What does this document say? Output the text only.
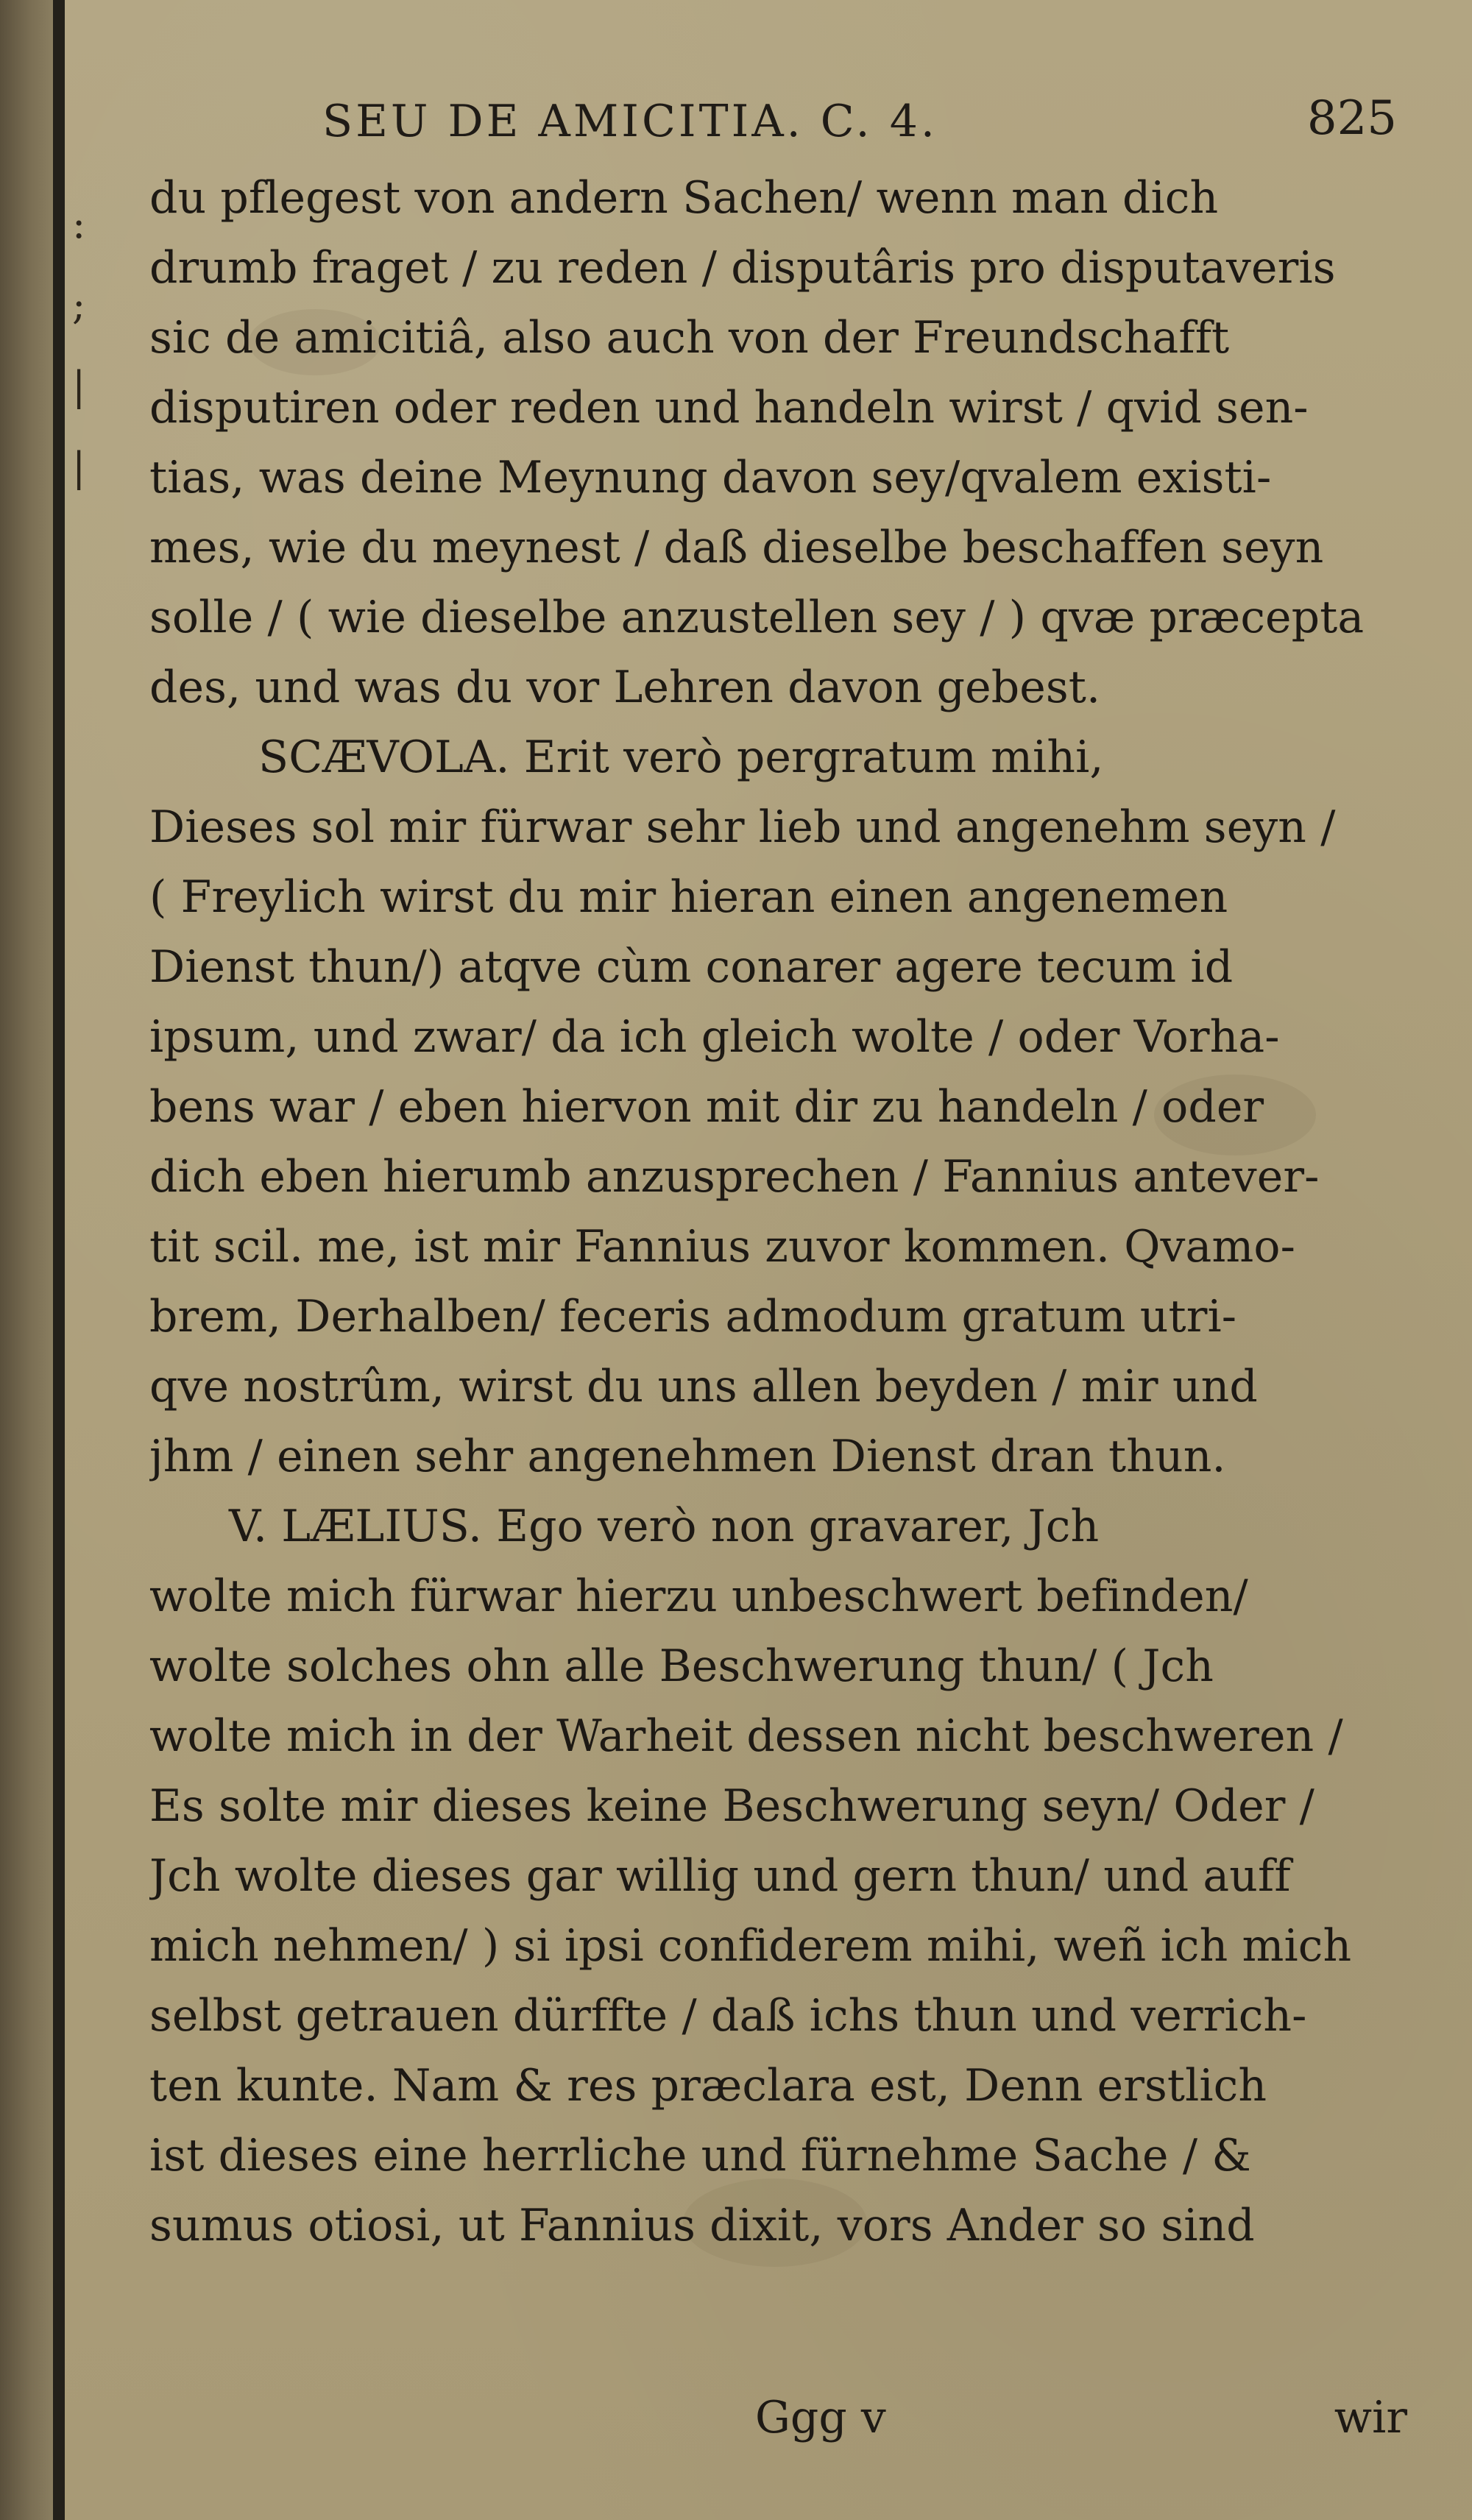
:
;
|
|
SEU DE AMICITIA. C. 4.	825
du pflegest von andern Sachen/ wenn man dich
drumb fraget / zu reden / disputâris pro disputaveris
sic de amicitiâ, also auch von der Freundschafft
disputiren oder reden und handeln wirst / qvid sen-
tias, was deine Meynung davon sey/qvalem existi-
mes, wie du meynest / daß dieselbe beschaffen seyn
solle / ( wie dieselbe anzustellen sey / ) qvæ præcepta
des, und was du vor Lehren davon gebest.
SCÆVOLA. Erit verò pergratum mihi,
Dieses sol mir fürwar sehr lieb und angenehm seyn /
( Freylich wirst du mir hieran einen angenemen
Dienst thun/) atqve cùm conarer agere tecum id
ipsum, und zwar/ da ich gleich wolte / oder Vorha-
bens war / eben hiervon mit dir zu handeln / oder
dich eben hierumb anzusprechen / Fannius antever-
tit scil. me, ist mir Fannius zuvor kommen. Qvamo-
brem, Derhalben/ feceris admodum gratum utri-
qve nostrûm, wirst du uns allen beyden / mir und
jhm / einen sehr angenehmen Dienst dran thun.
V. LÆLIUS. Ego verò non gravarer, Jch
wolte mich fürwar hierzu unbeschwert befinden/
wolte solches ohn alle Beschwerung thun/ ( Jch
wolte mich in der Warheit dessen nicht beschweren /
Es solte mir dieses keine Beschwerung seyn/ Oder /
Jch wolte dieses gar willig und gern thun/ und auff
mich nehmen/ ) si ipsi confiderem mihi, weñ ich mich
selbst getrauen dürffte / daß ichs thun und verrich-
ten kunte. Nam & res præclara est, Denn erstlich
ist dieses eine herrliche und fürnehme Sache / &
sumus otiosi, ut Fannius dixit, vors Ander so sind
Ggg v	wir
